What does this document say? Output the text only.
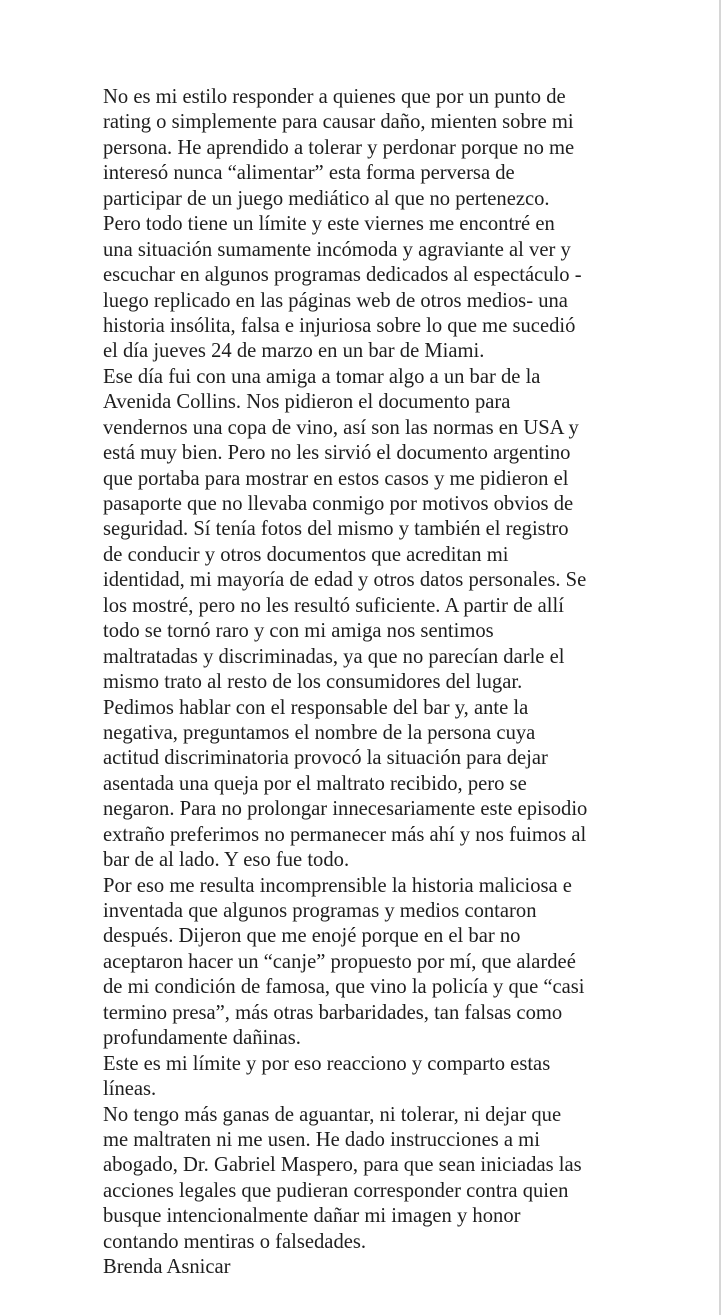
No es mi estilo responder a quienes que por un punto de
rating o simplemente para causar daño, mienten sobre mi
persona. He aprendido a tolerar y perdonar porque no me
interesó nunca “alimentar” esta forma perversa de
participar de un juego mediático al que no pertenezco.
Pero todo tiene un límite y este viernes me encontré en
una situación sumamente incómoda y agraviante al ver y
escuchar en algunos programas dedicados al espectáculo -
luego replicado en las páginas web de otros medios- una
historia insólita, falsa e injuriosa sobre lo que me sucedió
el día jueves 24 de marzo en un bar de Miami.
Ese día fui con una amiga a tomar algo a un bar de la
Avenida Collins. Nos pidieron el documento para
vendernos una copa de vino, así son las normas en USA y
está muy bien. Pero no les sirvió el documento argentino
que portaba para mostrar en estos casos y me pidieron el
pasaporte que no llevaba conmigo por motivos obvios de
seguridad. Sí tenía fotos del mismo y también el registro
de conducir y otros documentos que acreditan mi
identidad, mi mayoría de edad y otros datos personales. Se
los mostré, pero no les resultó suficiente. A partir de allí
todo se tornó raro y con mi amiga nos sentimos
maltratadas y discriminadas, ya que no parecían darle el
mismo trato al resto de los consumidores del lugar.
Pedimos hablar con el responsable del bar y, ante la
negativa, preguntamos el nombre de la persona cuya
actitud discriminatoria provocó la situación para dejar
asentada una queja por el maltrato recibido, pero se
negaron. Para no prolongar innecesariamente este episodio
extraño preferimos no permanecer más ahí y nos fuimos al
bar de al lado. Y eso fue todo.
Por eso me resulta incomprensible la historia maliciosa e
inventada que algunos programas y medios contaron
después. Dijeron que me enojé porque en el bar no
aceptaron hacer un “canje” propuesto por mí, que alardeé
de mi condición de famosa, que vino la policía y que “casi
termino presa”, más otras barbaridades, tan falsas como
profundamente dañinas.
Este es mi límite y por eso reacciono y comparto estas
líneas.
No tengo más ganas de aguantar, ni tolerar, ni dejar que
me maltraten ni me usen. He dado instrucciones a mi
abogado, Dr. Gabriel Maspero, para que sean iniciadas las
acciones legales que pudieran corresponder contra quien
busque intencionalmente dañar mi imagen y honor
contando mentiras o falsedades.
Brenda Asnicar
